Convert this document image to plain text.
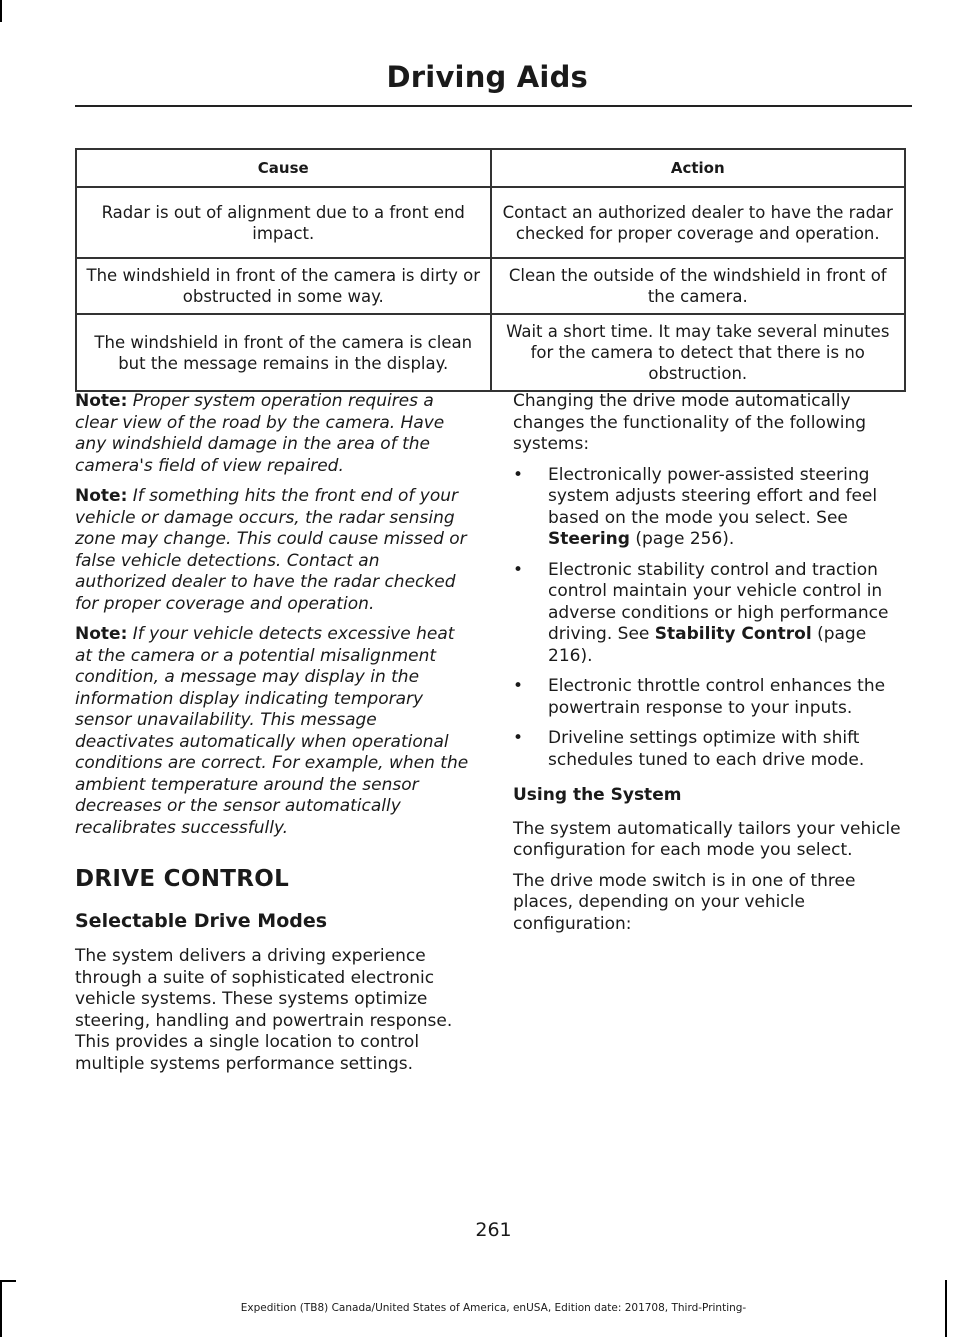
Driving Aids
Cause	Action
Radar is out of alignment due to a front end impact.	Contact an authorized dealer to have the radar checked for proper coverage and operation.
The windshield in front of the camera is dirty or obstructed in some way.	Clean the outside of the windshield in front of the camera.
The windshield in front of the camera is clean but the message remains in the display.	Wait a short time. It may take several minutes for the camera to detect that there is no obstruction.

Note: Proper system operation requires a clear view of the road by the camera. Have any windshield damage in the area of the camera's field of view repaired.

Note: If something hits the front end of your vehicle or damage occurs, the radar sensing zone may change. This could cause missed or false vehicle detections. Contact an authorized dealer to have the radar checked for proper coverage and operation.

Note: If your vehicle detects excessive heat at the camera or a potential misalignment condition, a message may display in the information display indicating temporary sensor unavailability. This message deactivates automatically when operational conditions are correct. For example, when the ambient temperature around the sensor decreases or the sensor automatically recalibrates successfully.

DRIVE CONTROL
Selectable Drive Modes

The system delivers a driving experience through a suite of sophisticated electronic vehicle systems. These systems optimize steering, handling and powertrain response. This provides a single location to control multiple systems performance settings.

Changing the drive mode automatically changes the functionality of the following systems:

• Electronically power-assisted steering system adjusts steering effort and feel based on the mode you select. See Steering (page 256).
• Electronic stability control and traction control maintain your vehicle control in adverse conditions or high performance driving. See Stability Control (page 216).
• Electronic throttle control enhances the powertrain response to your inputs.
• Driveline settings optimize with shift schedules tuned to each drive mode.
Using the System

The system automatically tailors your vehicle configuration for each mode you select.

The drive mode switch is in one of three places, depending on your vehicle configuration:

261
Expedition (TB8) Canada/United States of America, enUSA, Edition date: 201708, Third-Printing-
